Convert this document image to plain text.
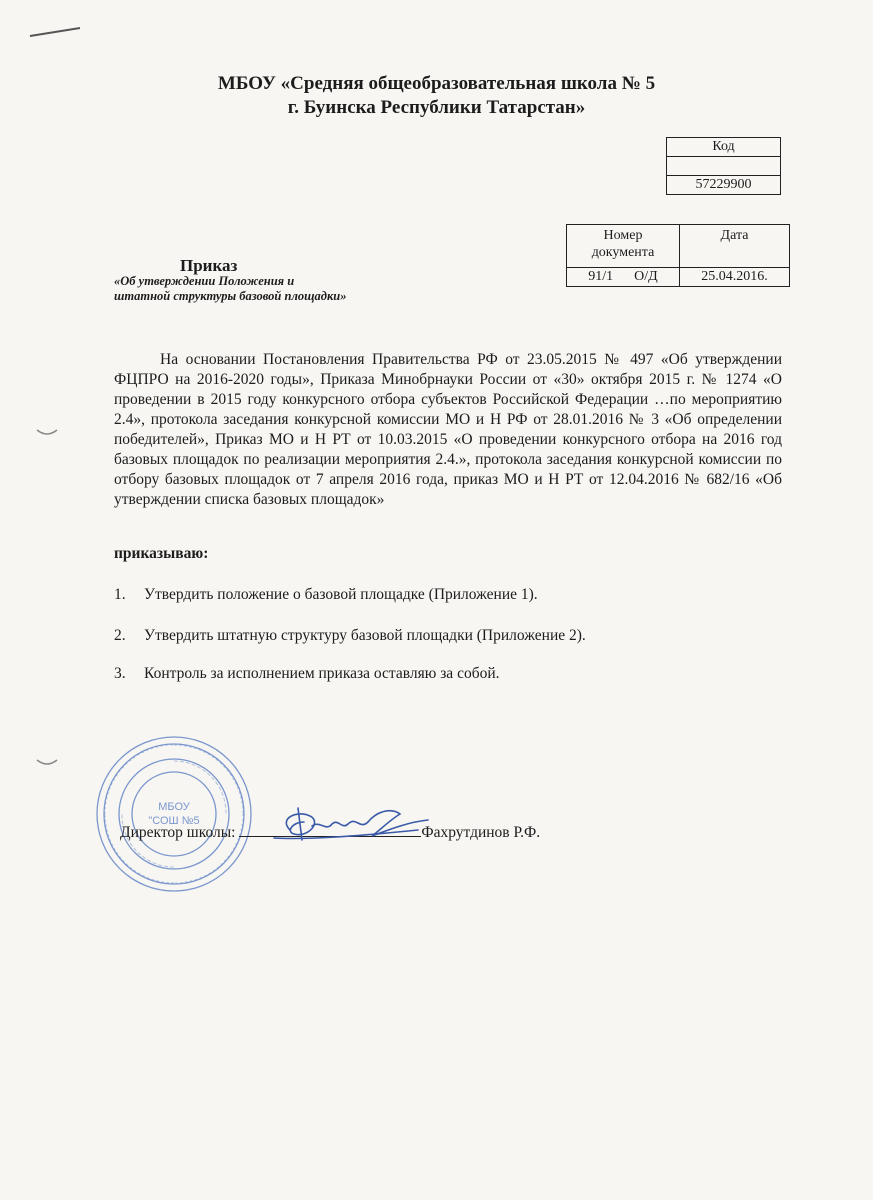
МБОУ «Средняя общеобразовательная школа № 5
г. Буинска Республики Татарстан»
Код

57229900
Номер документа	Дата
91/1      О/Д	25.04.2016.
Приказ
«Об утверждении Положения и
штатной структуры базовой площадки»
На основании Постановления Правительства РФ от 23.05.2015 № 497 «Об утверждении ФЦПРО на 2016-2020 годы», Приказа Минобрнауки России от «30» октября 2015 г. № 1274 «О проведении в 2015 году конкурсного отбора субъектов Российской Федерации …по мероприятию 2.4», протокола заседания конкурсной комиссии МО и Н РФ от 28.01.2016 № 3 «Об определении победителей», Приказ МО и Н РТ от 10.03.2015 «О проведении конкурсного отбора на 2016 год базовых площадок по реализации мероприятия 2.4.», протокола заседания конкурсной комиссии по отбору базовых площадок от 7 апреля 2016 года, приказ МО и Н РТ от 12.04.2016 № 682/16 «Об утверждении списка базовых площадок»
приказываю:
1. Утвердить положение о базовой площадке (Приложение 1).
2. Утвердить штатную структуру базовой площадки (Приложение 2).
3. Контроль за исполнением приказа оставляю за собой.
МБОУ
"СОШ №5
Директор школы:	Фахрутдинов Р.Ф.
